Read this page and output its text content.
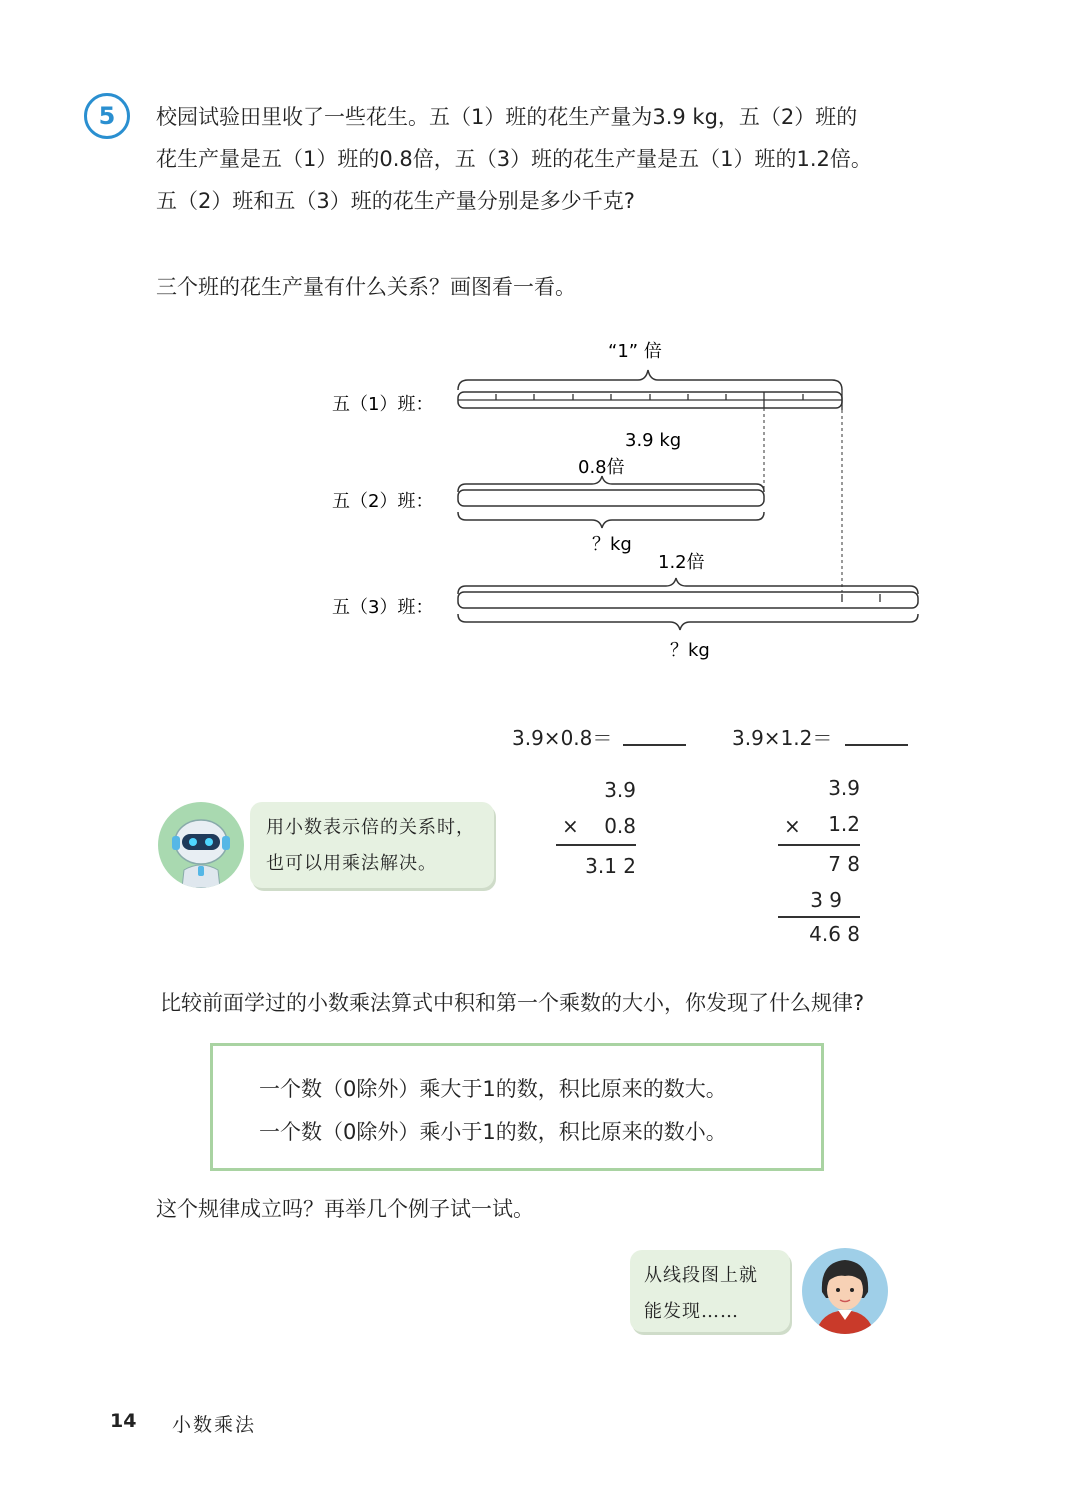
5	校园试验田里收了一些花生。五（1）班的花生产量为3.9 kg，五（2）班的
花生产量是五（1）班的0.8倍，五（3）班的花生产量是五（1）班的1.2倍。
五（2）班和五（3）班的花生产量分别是多少千克?
三个班的花生产量有什么关系？画图看一看。
五（1）班：
五（2）班：
五（3）班：
“1” 倍
3.9 kg
0.8倍
？kg
1.2倍
？kg
3.9×0.8＝	3.9×1.2＝
3.9
× 0.8
3.1 2
3.9
× 1.2
7 8
3 9
4.6 8
用小数表示倍的关系时，
也可以用乘法解决。
比较前面学过的小数乘法算式中积和第一个乘数的大小，你发现了什么规律?
一个数（0除外）乘大于1的数，积比原来的数大。
一个数（0除外）乘小于1的数，积比原来的数小。
这个规律成立吗？再举几个例子试一试。
从线段图上就
能发现……
14 小数乘法
